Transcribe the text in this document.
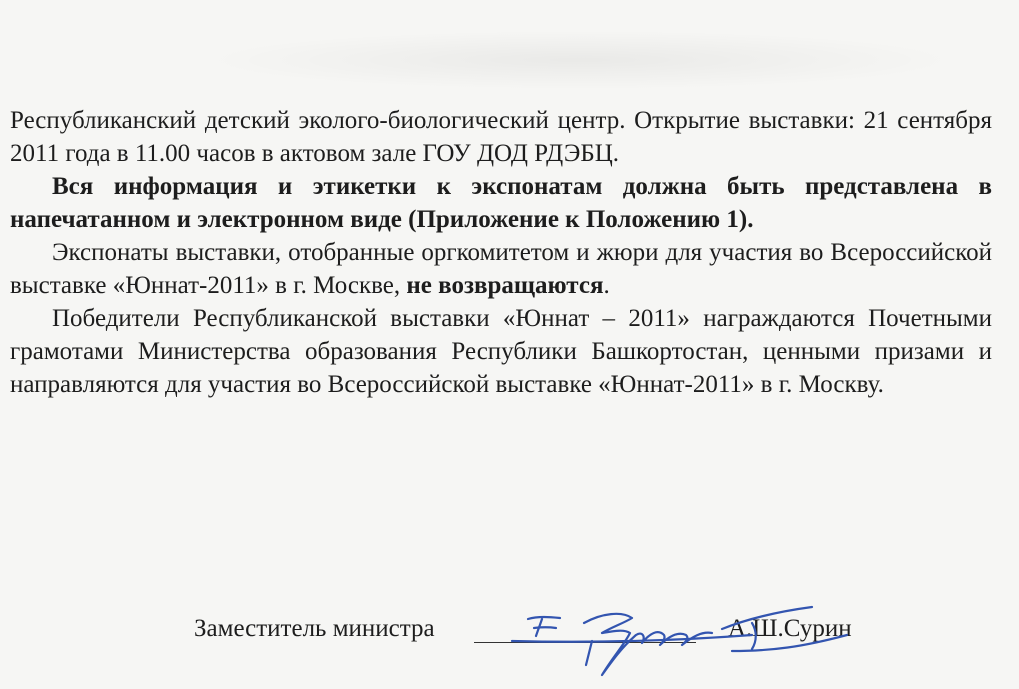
Республиканский детский эколого-биологический центр. Открытие выставки: 21 сентября 2011 года в 11.00 часов в актовом зале ГОУ ДОД РДЭБЦ.

Вся информация и этикетки к экспонатам должна быть представлена в напечатанном и электронном виде (Приложение к Положению 1).

Экспонаты выставки, отобранные оргкомитетом и жюри для участия во Всероссийской выставке «Юннат-2011» в г. Москве, не возвращаются.

Победители Республиканской выставки «Юннат – 2011» награждаются Почетными грамотами Министерства образования Республики Башкортостан, ценными призами и направляются для участия во Всероссийской выставке «Юннат-2011» в г. Москву.

Заместитель министра	А.Ш.Сурин
